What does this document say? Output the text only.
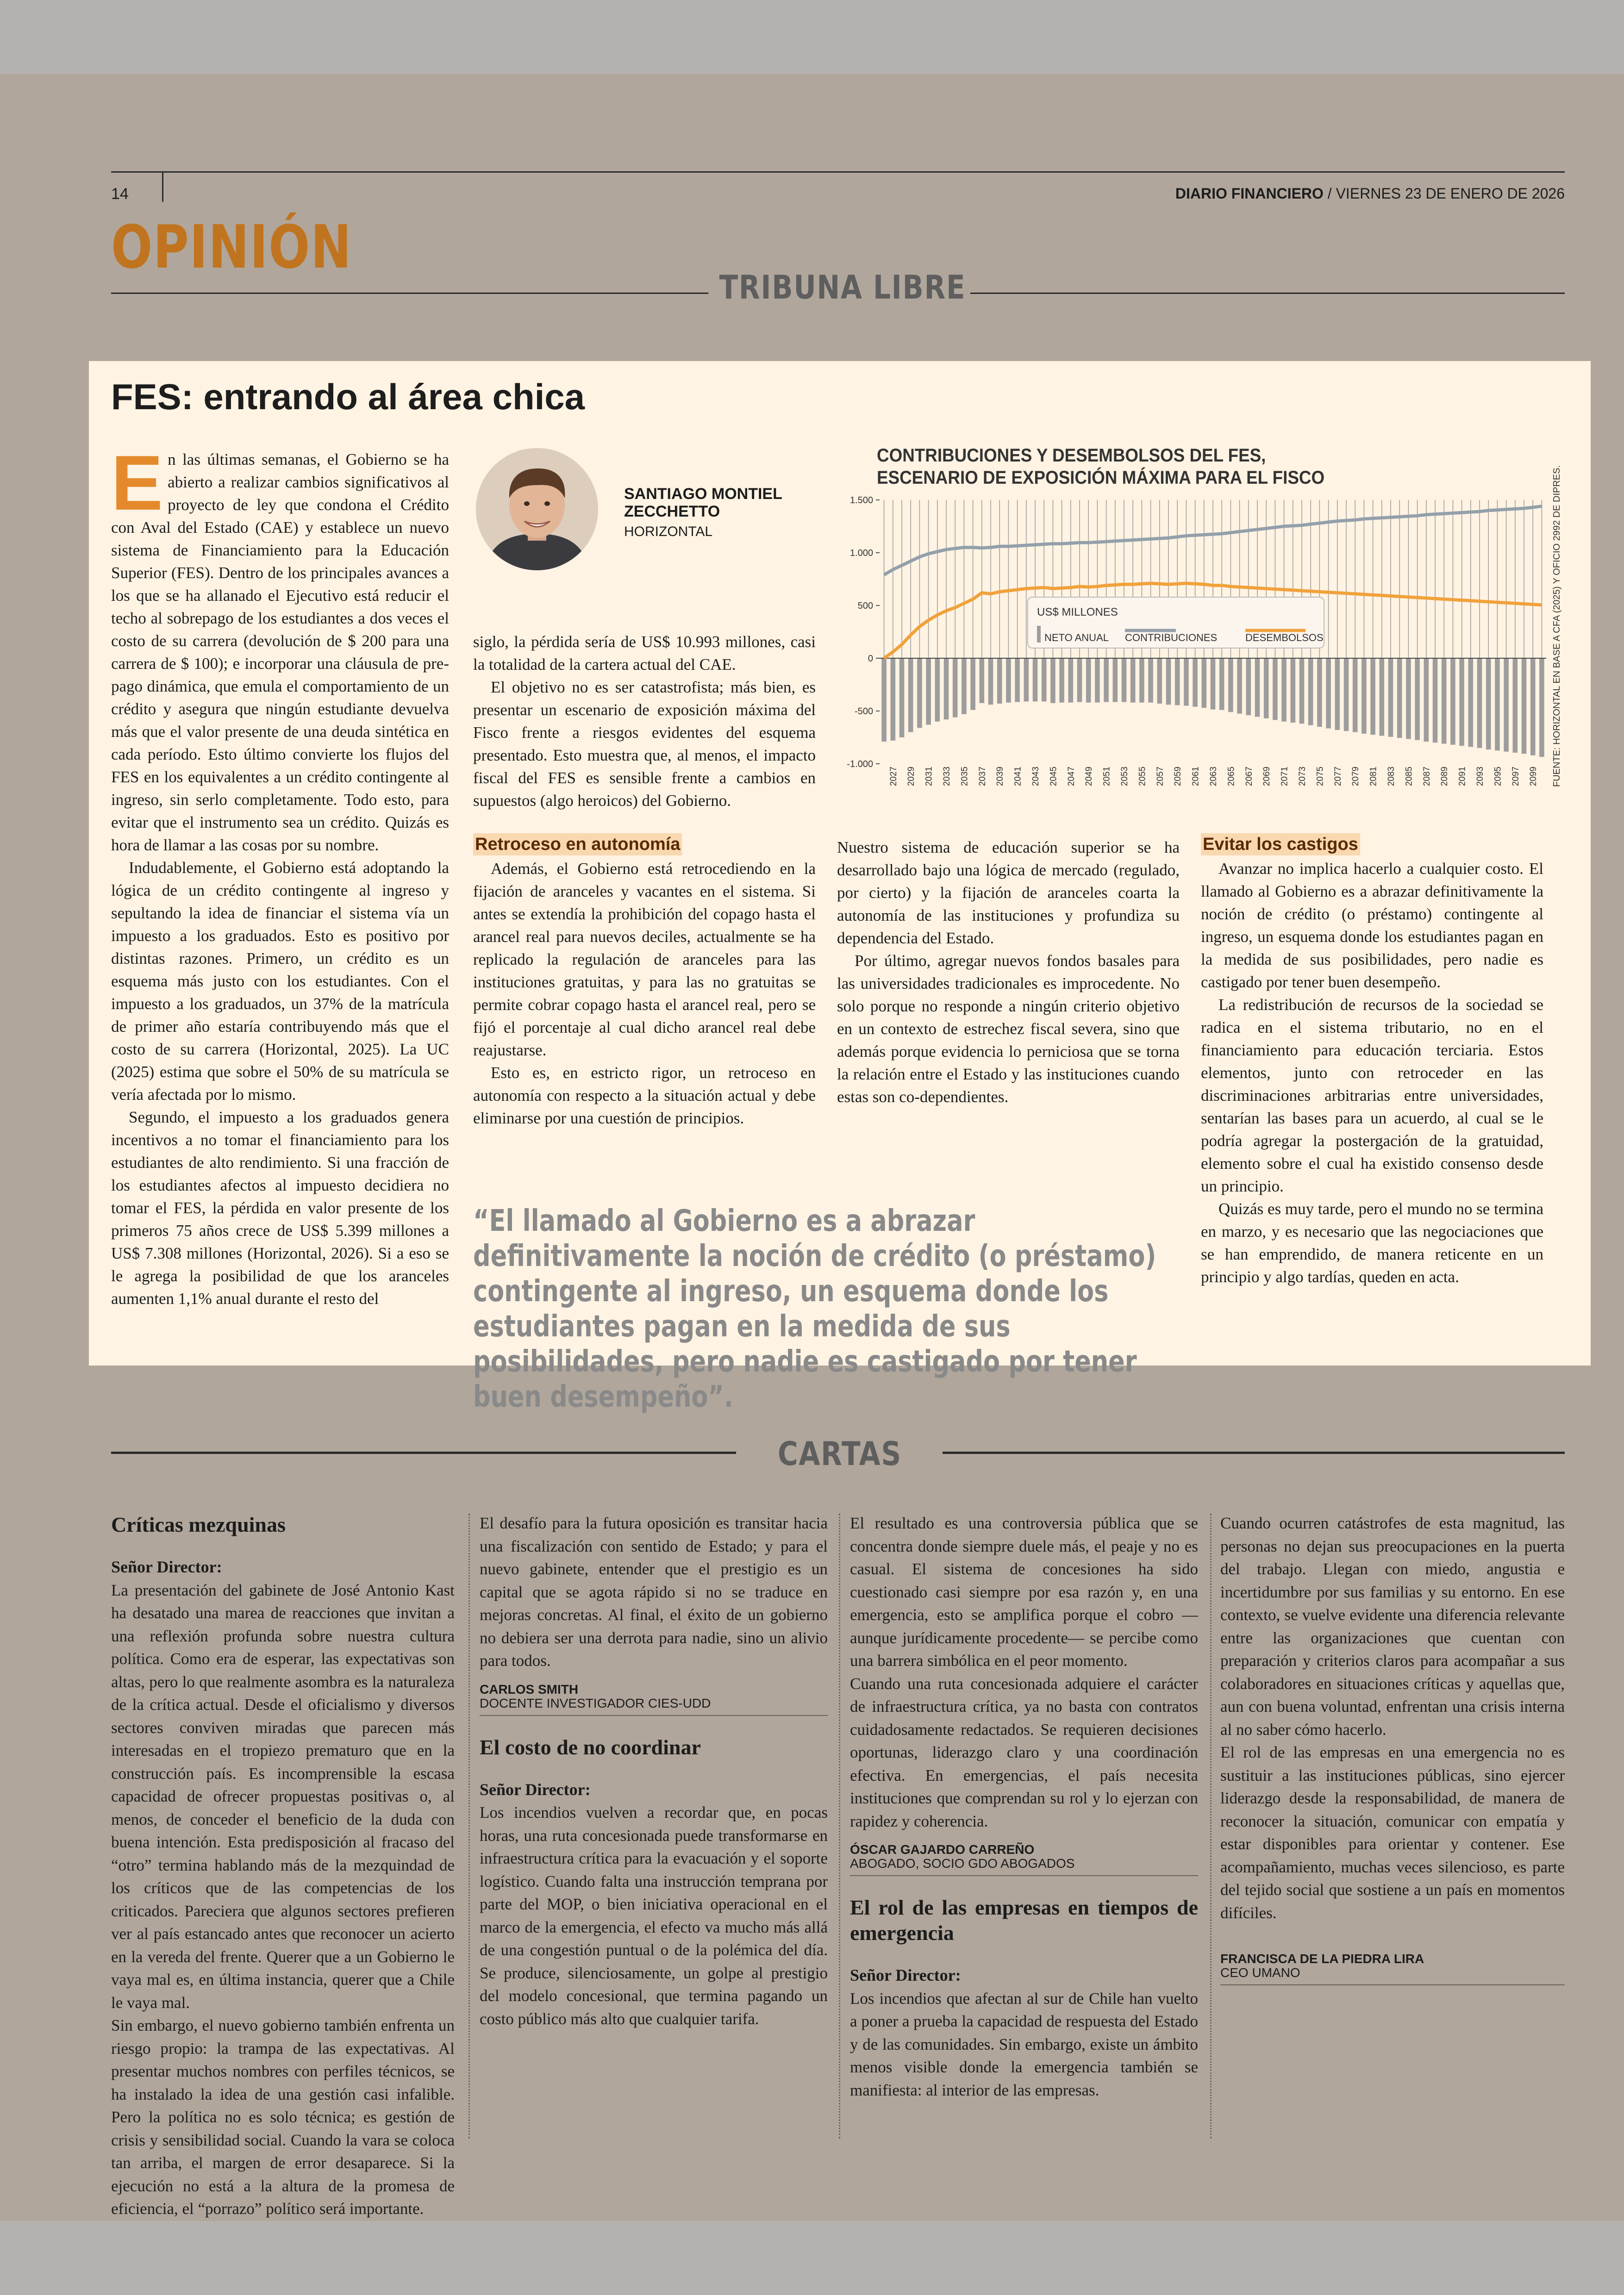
14	DIARIO FINANCIERO / VIERNES 23 DE ENERO DE 2026
OPINIÓN
TRIBUNA LIBRE
FES: entrando al área chica

En las últimas semanas, el Gobierno se ha abierto a realizar cambios significativos al proyecto de ley que condona el Crédito con Aval del Estado (CAE) y establece un nuevo sistema de Financiamiento para la Educación Superior (FES). Dentro de los principales avances a los que se ha allanado el Ejecutivo está reducir el techo al sobrepago de los estudiantes a dos veces el costo de su carrera (devolución de $ 200 para una carrera de $ 100); e incorporar una cláusula de pre-pago dinámica, que emula el comportamiento de un crédito y asegura que ningún estudiante devuelva más que el valor presente de una deuda sintética en cada período. Esto último convierte los flujos del FES en los equivalentes a un crédito contingente al ingreso, sin serlo completamente. Todo esto, para evitar que el instrumento sea un crédito. Quizás es hora de llamar a las cosas por su nombre.

Indudablemente, el Gobierno está adoptando la lógica de un crédito contingente al ingreso y sepultando la idea de financiar el sistema vía un impuesto a los graduados. Esto es positivo por distintas razones. Primero, un crédito es un esquema más justo con los estudiantes. Con el impuesto a los graduados, un 37% de la matrícula de primer año estaría contribuyendo más que el costo de su carrera (Horizontal, 2025). La UC (2025) estima que sobre el 50% de su matrícula se vería afectada por lo mismo.

Segundo, el impuesto a los graduados genera incentivos a no tomar el financiamiento para los estudiantes de alto rendimiento. Si una fracción de los estudiantes afectos al impuesto decidiera no tomar el FES, la pérdida en valor presente de los primeros 75 años crece de US$ 5.399 millones a US$ 7.308 millones (Horizontal, 2026). Si a eso se le agrega la posibilidad de que los aranceles aumenten 1,1% anual durante el resto del

SANTIAGO MONTIEL
ZECCHETTO
HORIZONTAL

siglo, la pérdida sería de US$ 10.993 millones, casi la totalidad de la cartera actual del CAE.

El objetivo no es ser catastrofista; más bien, es presentar un escenario de exposición máxima del Fisco frente a riesgos evidentes del esquema presentado. Esto muestra que, al menos, el impacto fiscal del FES es sensible frente a cambios en supuestos (algo heroicos) del Gobierno.

Retroceso en autonomía

Además, el Gobierno está retrocediendo en la fijación de aranceles y vacantes en el sistema. Si antes se extendía la prohibición del copago hasta el arancel real para nuevos deciles, actualmente se ha replicado la regulación de aranceles para las instituciones gratuitas, y para las no gratuitas se permite cobrar copago hasta el arancel real, pero se fijó el porcentaje al cual dicho arancel real debe reajustarse.

Esto es, en estricto rigor, un retroceso en autonomía con respecto a la situación actual y debe eliminarse por una cuestión de principios.

Nuestro sistema de educación superior se ha desarrollado bajo una lógica de mercado (regulado, por cierto) y la fijación de aranceles coarta la autonomía de las instituciones y profundiza su dependencia del Estado.

Por último, agregar nuevos fondos basales para las universidades tradicionales es improcedente. No solo porque no responde a ningún criterio objetivo en un contexto de estrechez fiscal severa, sino que además porque evidencia lo perniciosa que se torna la relación entre el Estado y las instituciones cuando estas son co-dependientes.

Evitar los castigos

Avanzar no implica hacerlo a cualquier costo. El llamado al Gobierno es a abrazar definitivamente la noción de crédito (o préstamo) contingente al ingreso, un esquema donde los estudiantes pagan en la medida de sus posibilidades, pero nadie es castigado por tener buen desempeño.

La redistribución de recursos de la sociedad se radica en el sistema tributario, no en el financiamiento para educación terciaria. Estos elementos, junto con retroceder en las discriminaciones arbitrarias entre universidades, sentarían las bases para un acuerdo, al cual se le podría agregar la postergación de la gratuidad, elemento sobre el cual ha existido consenso desde un principio.

Quizás es muy tarde, pero el mundo no se termina en marzo, y es necesario que las negociaciones que se han emprendido, de manera reticente en un principio y algo tardías, queden en acta.

“El llamado al Gobierno es a abrazar definitivamente la noción de crédito (o préstamo) contingente al ingreso, un esquema donde los estudiantes pagan en la medida de sus posibilidades, pero nadie es castigado por tener buen desempeño”.
CONTRIBUCIONES Y DESEMBOLSOS DEL FES,
ESCENARIO DE EXPOSICIÓN MÁXIMA PARA EL FISCO
1.500
1.000
500
0
-500
-1.000
2027 2029 2031 2033 2035 2037 2039 2041 2043 2045 2047 2049 2051 2053 2055 2057 2059 2061 2063 2065 2067 2069 2071 2073 2075 2077 2079 2081 2083 2085 2087 2089 2091 2093 2095 2097 2099
US$ MILLONES
NETO ANUAL CONTRIBUCIONES	DESEMBOLSOS	FUENTE: HORIZONTAL EN BASE A CFA (2025) Y OFICIO 2992 DE DIPRES.
CARTAS
Críticas mezquinas
Señor Director:

La presentación del gabinete de José Antonio Kast ha desatado una marea de reacciones que invitan a una reflexión profunda sobre nuestra cultura política. Como era de esperar, las expectativas son altas, pero lo que realmente asombra es la naturaleza de la crítica actual. Desde el oficialismo y diversos sectores conviven miradas que parecen más interesadas en el tropiezo prematuro que en la construcción país. Es incomprensible la escasa capacidad de ofrecer propuestas positivas o, al menos, de conceder el beneficio de la duda con buena intención. Esta predisposición al fracaso del “otro” termina hablando más de la mezquindad de los críticos que de las competencias de los criticados. Pareciera que algunos sectores prefieren ver al país estancado antes que reconocer un acierto en la vereda del frente. Querer que a un Gobierno le vaya mal es, en última instancia, querer que a Chile le vaya mal.

Sin embargo, el nuevo gobierno también enfrenta un riesgo propio: la trampa de las expectativas. Al presentar muchos nombres con perfiles técnicos, se ha instalado la idea de una gestión casi infalible. Pero la política no es solo técnica; es gestión de crisis y sensibilidad social. Cuando la vara se coloca tan arriba, el margen de error desaparece. Si la ejecución no está a la altura de la promesa de eficiencia, el “porrazo” político será importante.

El desafío para la futura oposición es transitar hacia una fiscalización con sentido de Estado; y para el nuevo gabinete, entender que el prestigio es un capital que se agota rápido si no se traduce en mejoras concretas. Al final, el éxito de un gobierno no debiera ser una derrota para nadie, sino un alivio para todos.

CARLOS SMITH
DOCENTE INVESTIGADOR CIES-UDD
El costo de no coordinar
Señor Director:

Los incendios vuelven a recordar que, en pocas horas, una ruta concesionada puede transformarse en infraestructura crítica para la evacuación y el soporte logístico. Cuando falta una instrucción temprana por parte del MOP, o bien iniciativa operacional en el marco de la emergencia, el efecto va mucho más allá de una congestión puntual o de la polémica del día. Se produce, silenciosamente, un golpe al prestigio del modelo concesional, que termina pagando un costo público más alto que cualquier tarifa.

El resultado es una controversia pública que se concentra donde siempre duele más, el peaje y no es casual. El sistema de concesiones ha sido cuestionado casi siempre por esa razón y, en una emergencia, esto se amplifica porque el cobro —aunque jurídicamente procedente— se percibe como una barrera simbólica en el peor momento.

Cuando una ruta concesionada adquiere el carácter de infraestructura crítica, ya no basta con contratos cuidadosamente redactados. Se requieren decisiones oportunas, liderazgo claro y una coordinación efectiva. En emergencias, el país necesita instituciones que comprendan su rol y lo ejerzan con rapidez y coherencia.

ÓSCAR GAJARDO CARREÑO
ABOGADO, SOCIO GDO ABOGADOS
El rol de las empresas en tiempos de emergencia
Señor Director:

Los incendios que afectan al sur de Chile han vuelto a poner a prueba la capacidad de respuesta del Estado y de las comunidades. Sin embargo, existe un ámbito menos visible donde la emergencia también se manifiesta: al interior de las empresas.

Cuando ocurren catástrofes de esta magnitud, las personas no dejan sus preocupaciones en la puerta del trabajo. Llegan con miedo, angustia e incertidumbre por sus familias y su entorno. En ese contexto, se vuelve evidente una diferencia relevante entre las organizaciones que cuentan con preparación y criterios claros para acompañar a sus colaboradores en situaciones críticas y aquellas que, aun con buena voluntad, enfrentan una crisis interna al no saber cómo hacerlo.

El rol de las empresas en una emergencia no es sustituir a las instituciones públicas, sino ejercer liderazgo desde la responsabilidad, de manera de reconocer la situación, comunicar con empatía y estar disponibles para orientar y contener. Ese acompañamiento, muchas veces silencioso, es parte del tejido social que sostiene a un país en momentos difíciles.

FRANCISCA DE LA PIEDRA LIRA
CEO UMANO
